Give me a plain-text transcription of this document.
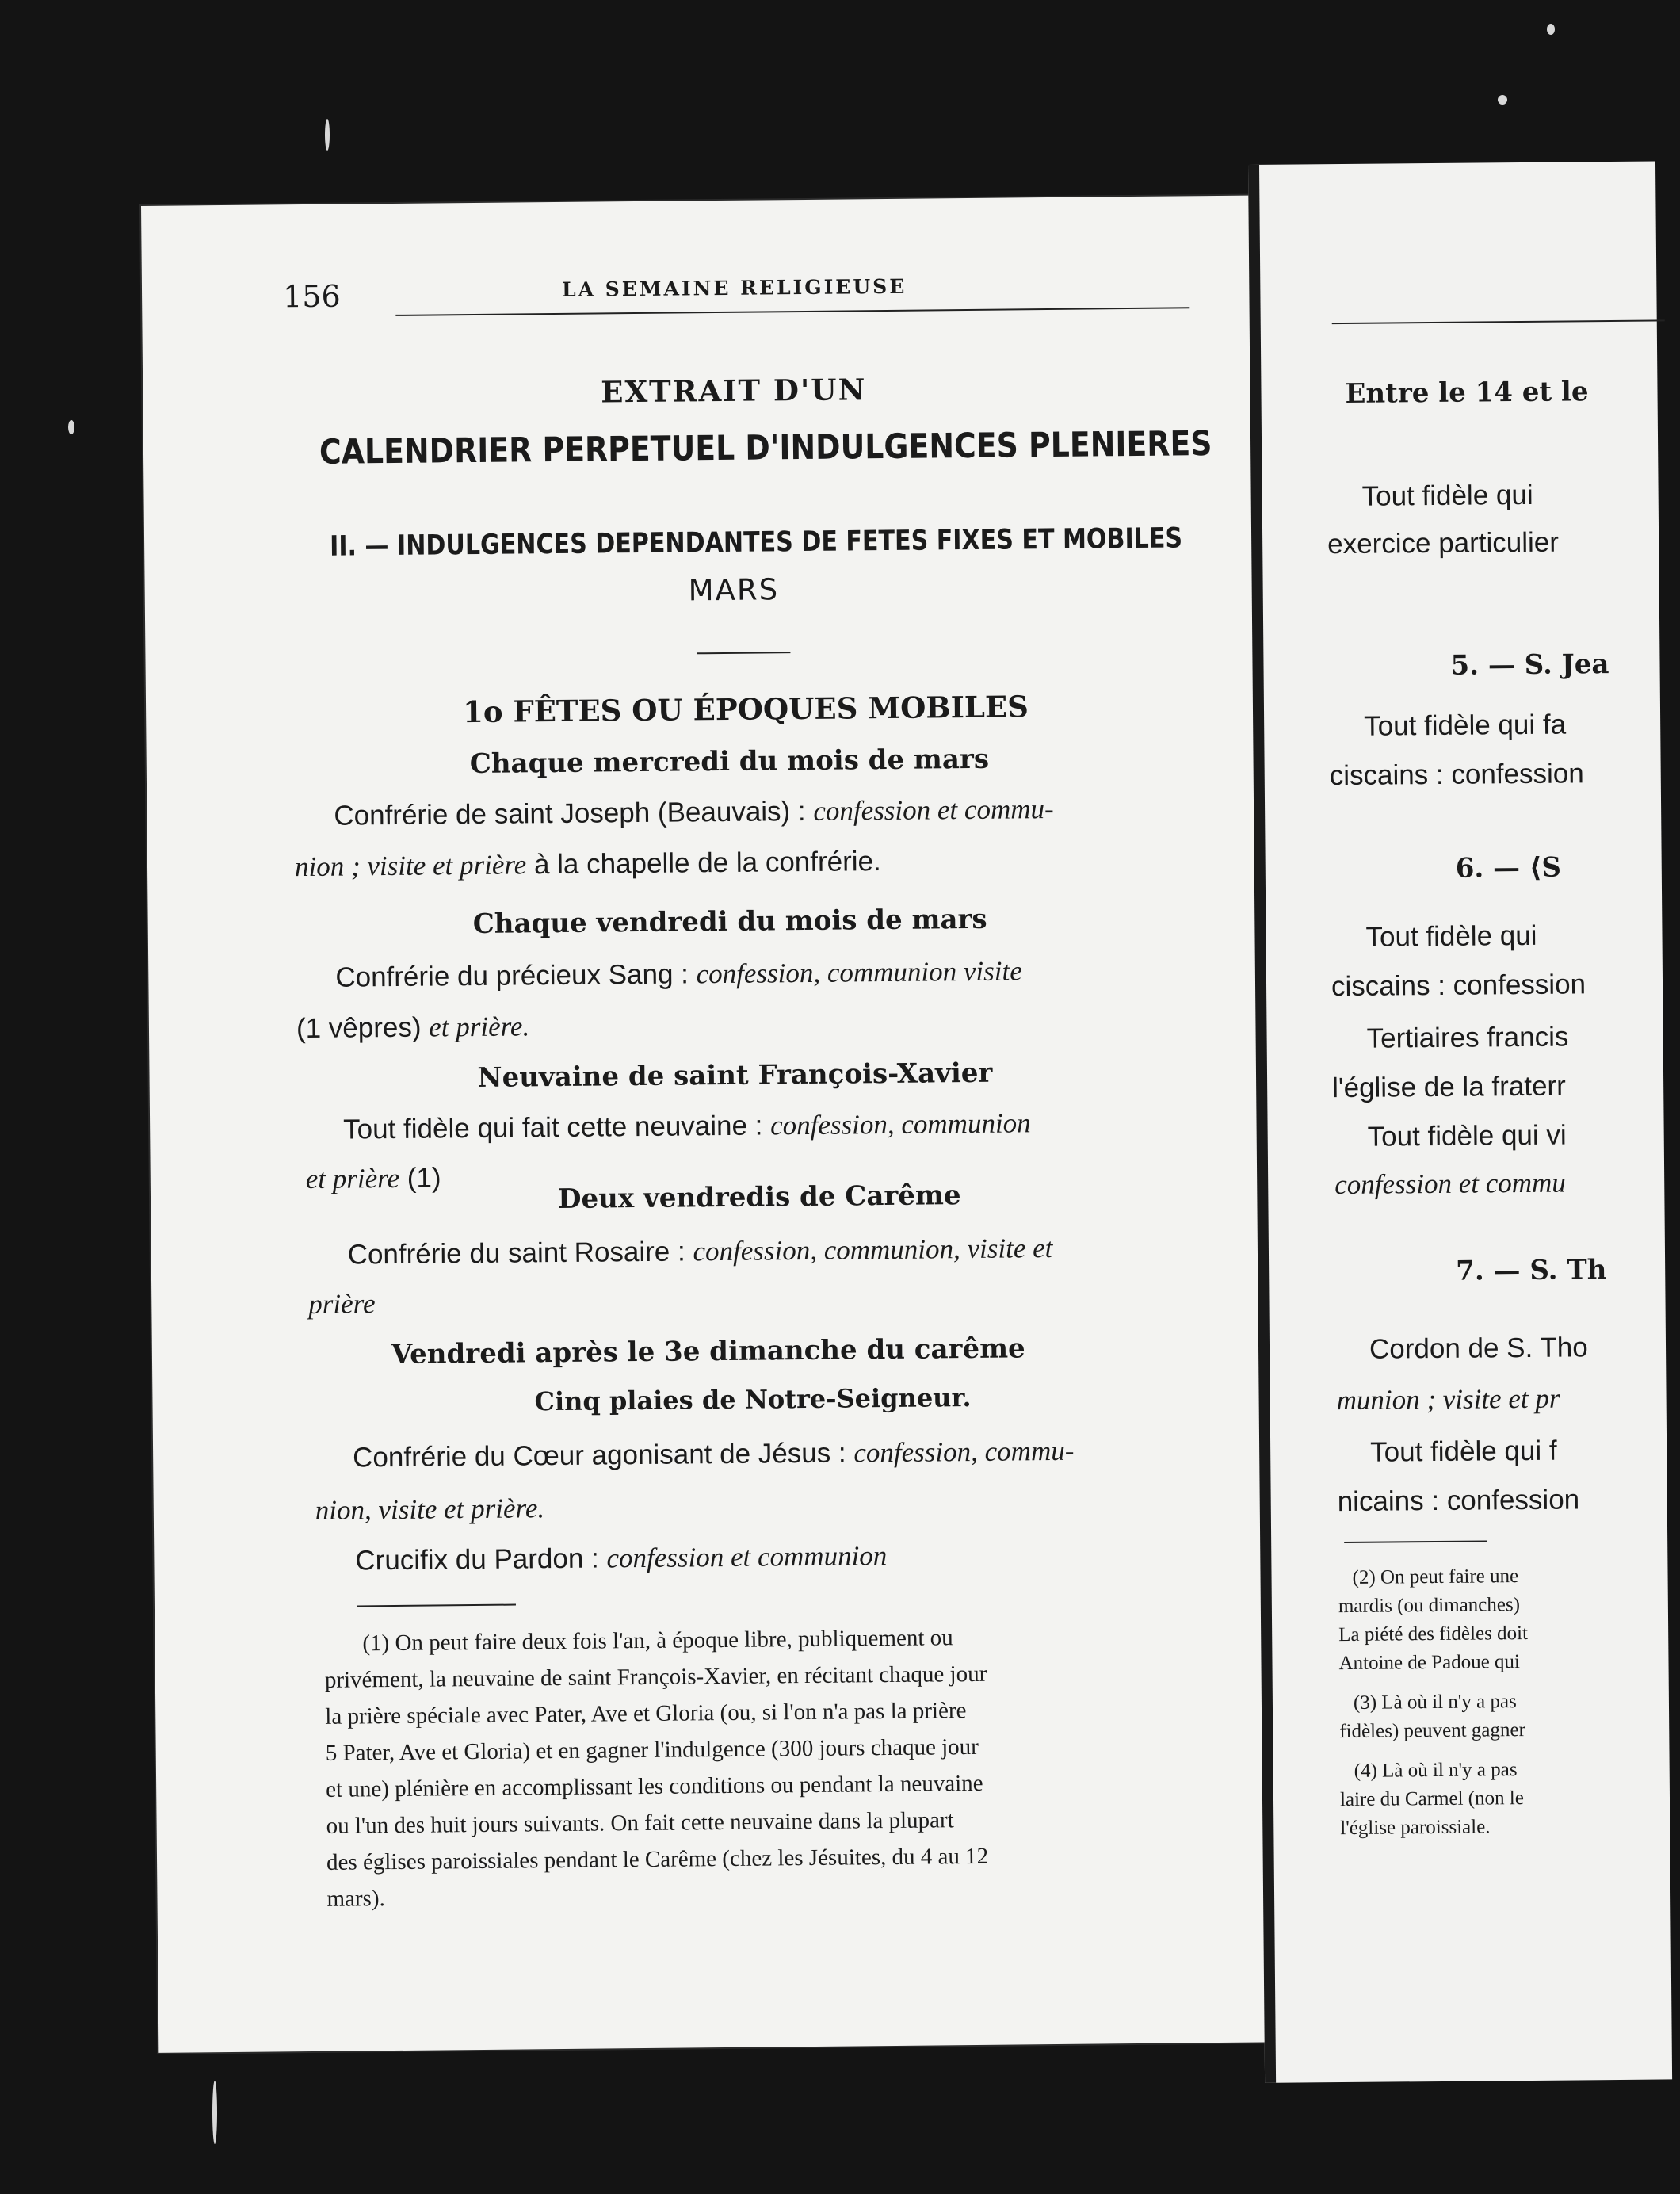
156	LA SEMAINE RELIGIEUSE
EXTRAIT D'UN
CALENDRIER PERPETUEL D'INDULGENCES PLENIERES
II. — INDULGENCES DEPENDANTES DE FETES FIXES ET MOBILES
MARS
1o FÊTES OU ÉPOQUES MOBILES
Chaque mercredi du mois de mars
Confrérie de saint Joseph (Beauvais) : confession et commu-
nion ; visite et prière à la chapelle de la confrérie.
Chaque vendredi du mois de mars
Confrérie du précieux Sang : confession, communion visite
(1 vêpres) et prière.
Neuvaine de saint François-Xavier
Tout fidèle qui fait cette neuvaine : confession, communion
et prière (1)
Deux vendredis de Carême
Confrérie du saint Rosaire : confession, communion, visite et
prière
Vendredi après le 3e dimanche du carême
Cinq plaies de Notre-Seigneur.
Confrérie du Cœur agonisant de Jésus : confession, commu-
nion, visite et prière.
Crucifix du Pardon : confession et communion
(1) On peut faire deux fois l'an, à époque libre, publiquement ou
privément, la neuvaine de saint François-Xavier, en récitant chaque jour
la prière spéciale avec Pater, Ave et Gloria (ou, si l'on n'a pas la prière
5 Pater, Ave et Gloria) et en gagner l'indulgence (300 jours chaque jour
et une) plénière en accomplissant les conditions ou pendant la neuvaine
ou l'un des huit jours suivants. On fait cette neuvaine dans la plupart
des églises paroissiales pendant le Carême (chez les Jésuites, du 4 au 12
mars).
Entre le 14 et le
Tout fidèle qui
exercice particulier
5. — S. Jea
Tout fidèle qui fa
ciscains : confession
6. — ⟨S
Tout fidèle qui
ciscains : confession
Tertiaires francis
l'église de la fraterr
Tout fidèle qui vi
confession et commu
7. — S. Th
Cordon de S. Tho
munion ; visite et pr
Tout fidèle qui f
nicains : confession
(2) On peut faire une
mardis (ou dimanches)
La piété des fidèles doit
Antoine de Padoue qui
(3) Là où il n'y a pas
fidèles) peuvent gagner
(4) Là où il n'y a pas
laire du Carmel (non le
l'église paroissiale.
